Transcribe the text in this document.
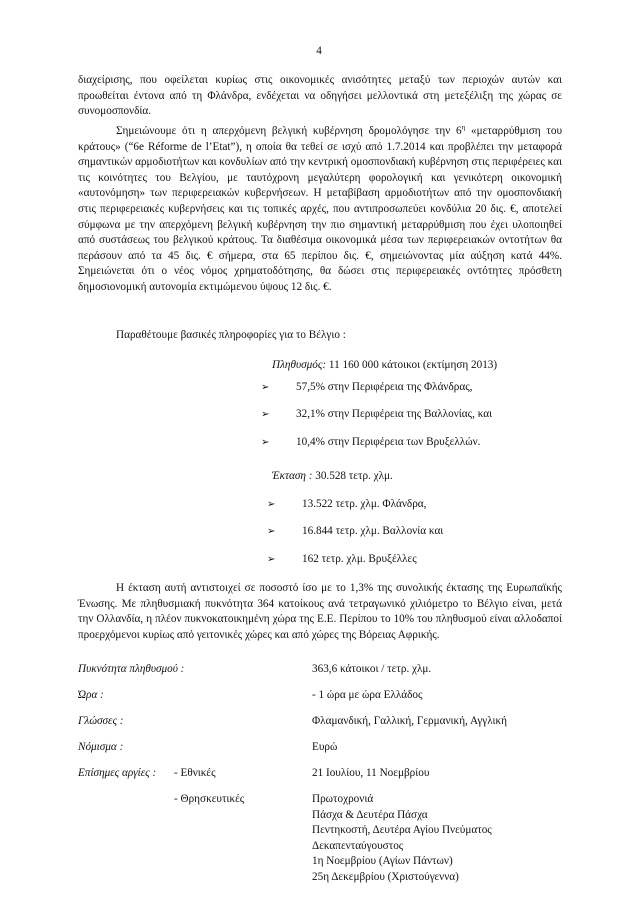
4
διαχείρισης, που οφείλεται κυρίως στις οικονομικές ανισότητες μεταξύ των περιοχών αυτών και προωθείται έντονα από τη Φλάνδρα, ενδέχεται να οδηγήσει μελλοντικά στη μετεξέλιξη της χώρας σε συνομοσπονδία.
Σημειώνουμε ότι η απερχόμενη βελγική κυβέρνηση δρομολόγησε την $6^\eta$ «μεταρρύθμιση του κράτους» (“6e Réforme de l’Etat”), η οποία θα τεθεί σε ισχύ από 1.7.2014 και προβλέπει την μεταφορά σημαντικών αρμοδιοτήτων και κονδυλίων από την κεντρική ομοσπονδιακή κυβέρνηση στις περιφέρειες και τις κοινότητες του Βελγίου, με ταυτόχρονη μεγαλύτερη φορολογική και γενικότερη οικονομική «αυτονόμηση» των περιφερειακών κυβερνήσεων. Η μεταβίβαση αρμοδιοτήτων από την ομοσπονδιακή στις περιφερειακές κυβερνήσεις και τις τοπικές αρχές, που αντιπροσωπεύει κονδύλια 20 δις. €, αποτελεί σύμφωνα με την απερχόμενη βελγική κυβέρνηση την πιο σημαντική μεταρρύθμιση που έχει υλοποιηθεί από συστάσεως του βελγικού κράτους. Τα διαθέσιμα οικονομικά μέσα των περιφερειακών οντοτήτων θα περάσουν από τα 45 δις. € σήμερα, στα 65 περίπου δις. €, σημειώνοντας μία αύξηση κατά 44%. Σημειώνεται ότι ο νέος νόμος χρηματοδότησης, θα δώσει στις περιφερειακές οντότητες πρόσθετη δημοσιονομική αυτονομία εκτιμώμενου ύψους 12 δις. €.
Παραθέτουμε βασικές πληροφορίες για το Βέλγιο :
Πληθυσμός: 11 160 000 κάτοικοι (εκτίμηση 2013)
➢ 57,5% στην Περιφέρεια της Φλάνδρας,
➢ 32,1% στην Περιφέρεια της Βαλλονίας, και
➢ 10,4% στην Περιφέρεια των Βρυξελλών.
Έκταση : 30.528 τετρ. χλμ.
➢ 13.522 τετρ. χλμ. Φλάνδρα,
➢ 16.844 τετρ. χλμ. Βαλλονία και
➢ 162 τετρ. χλμ. Βρυξέλλες
Η έκταση αυτή αντιστοιχεί σε ποσοστό ίσο με το 1,3% της συνολικής έκτασης της Ευρωπαϊκής Ένωσης. Με πληθυσμιακή πυκνότητα 364 κατοίκους ανά τετραγωνικό χιλιόμετρο το Βέλγιο είναι, μετά την Ολλανδία, η πλέον πυκνοκατοικημένη χώρα της Ε.Ε. Περίπου το 10% του πληθυσμού είναι αλλοδαποί προερχόμενοι κυρίως από γειτονικές χώρες και από χώρες της Βόρειας Αφρικής.
Πυκνότητα πληθυσμού :	363,6 κάτοικοι / τετρ. χλμ.
Ώρα :	- 1 ώρα με ώρα Ελλάδος
Γλώσσες :	Φλαμανδική, Γαλλική, Γερμανική, Αγγλική
Νόμισμα :	Ευρώ
Επίσημες αργίες : - Εθνικές	21 Ιουλίου, 11 Νοεμβρίου
- Θρησκευτικές	Πρωτοχρονιά
Πάσχα & Δευτέρα Πάσχα
Πεντηκοστή, Δευτέρα Αγίου Πνεύματος
Δεκαπενταύγουστος
1η Νοεμβρίου (Αγίων Πάντων)
25η Δεκεμβρίου (Χριστούγεννα)
